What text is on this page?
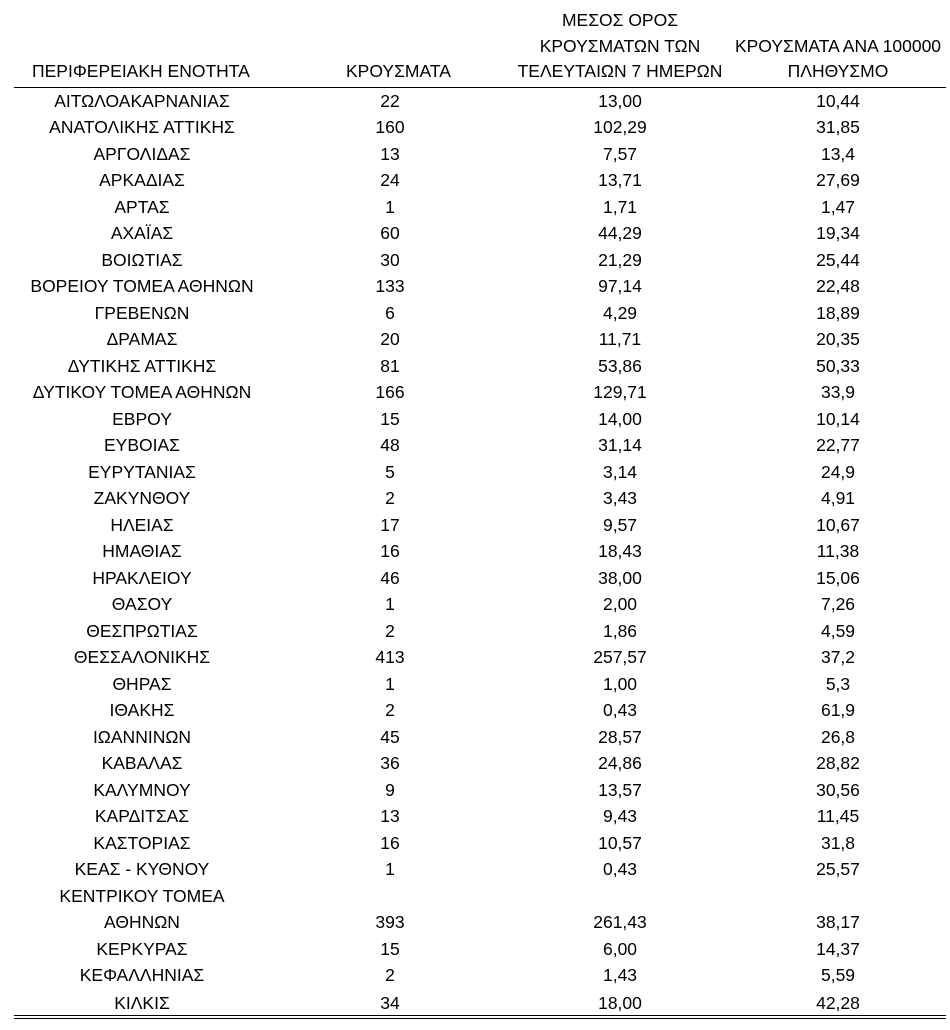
ΠΕΡΙΦΕΡΕΙΑΚΗ ΕΝΟΤΗΤΑ	ΚΡΟΥΣΜΑΤΑ	ΜΕΣΟΣ ΟΡΟΣ ΚΡΟΥΣΜΑΤΩΝ ΤΩΝ ΤΕΛΕΥΤΑΙΩΝ 7 ΗΜΕΡΩΝ	ΚΡΟΥΣΜΑΤΑ ΑΝΑ 100000 ΠΛΗΘΥΣΜΟ
ΑΙΤΩΛΟΑΚΑΡΝΑΝΙΑΣ	22	13,00	10,44
ΑΝΑΤΟΛΙΚΗΣ ΑΤΤΙΚΗΣ	160	102,29	31,85
ΑΡΓΟΛΙΔΑΣ	13	7,57	13,4
ΑΡΚΑΔΙΑΣ	24	13,71	27,69
ΑΡΤΑΣ	1	1,71	1,47
ΑΧΑΪΑΣ	60	44,29	19,34
ΒΟΙΩΤΙΑΣ	30	21,29	25,44
ΒΟΡΕΙΟΥ ΤΟΜΕΑ ΑΘΗΝΩΝ	133	97,14	22,48
ΓΡΕΒΕΝΩΝ	6	4,29	18,89
ΔΡΑΜΑΣ	20	11,71	20,35
ΔΥΤΙΚΗΣ ΑΤΤΙΚΗΣ	81	53,86	50,33
ΔΥΤΙΚΟΥ ΤΟΜΕΑ ΑΘΗΝΩΝ	166	129,71	33,9
ΕΒΡΟΥ	15	14,00	10,14
ΕΥΒΟΙΑΣ	48	31,14	22,77
ΕΥΡΥΤΑΝΙΑΣ	5	3,14	24,9
ΖΑΚΥΝΘΟΥ	2	3,43	4,91
ΗΛΕΙΑΣ	17	9,57	10,67
ΗΜΑΘΙΑΣ	16	18,43	11,38
ΗΡΑΚΛΕΙΟΥ	46	38,00	15,06
ΘΑΣΟΥ	1	2,00	7,26
ΘΕΣΠΡΩΤΙΑΣ	2	1,86	4,59
ΘΕΣΣΑΛΟΝΙΚΗΣ	413	257,57	37,2
ΘΗΡΑΣ	1	1,00	5,3
ΙΘΑΚΗΣ	2	0,43	61,9
ΙΩΑΝΝΙΝΩΝ	45	28,57	26,8
ΚΑΒΑΛΑΣ	36	24,86	28,82
ΚΑΛΥΜΝΟΥ	9	13,57	30,56
ΚΑΡΔΙΤΣΑΣ	13	9,43	11,45
ΚΑΣΤΟΡΙΑΣ	16	10,57	31,8
ΚΕΑΣ - ΚΥΘΝΟΥ	1	0,43	25,57
ΚΕΝΤΡΙΚΟΥ ΤΟΜΕΑ ΑΘΗΝΩΝ	393	261,43	38,17
ΚΕΡΚΥΡΑΣ	15	6,00	14,37
ΚΕΦΑΛΛΗΝΙΑΣ	2	1,43	5,59
ΚΙΛΚΙΣ	34	18,00	42,28
